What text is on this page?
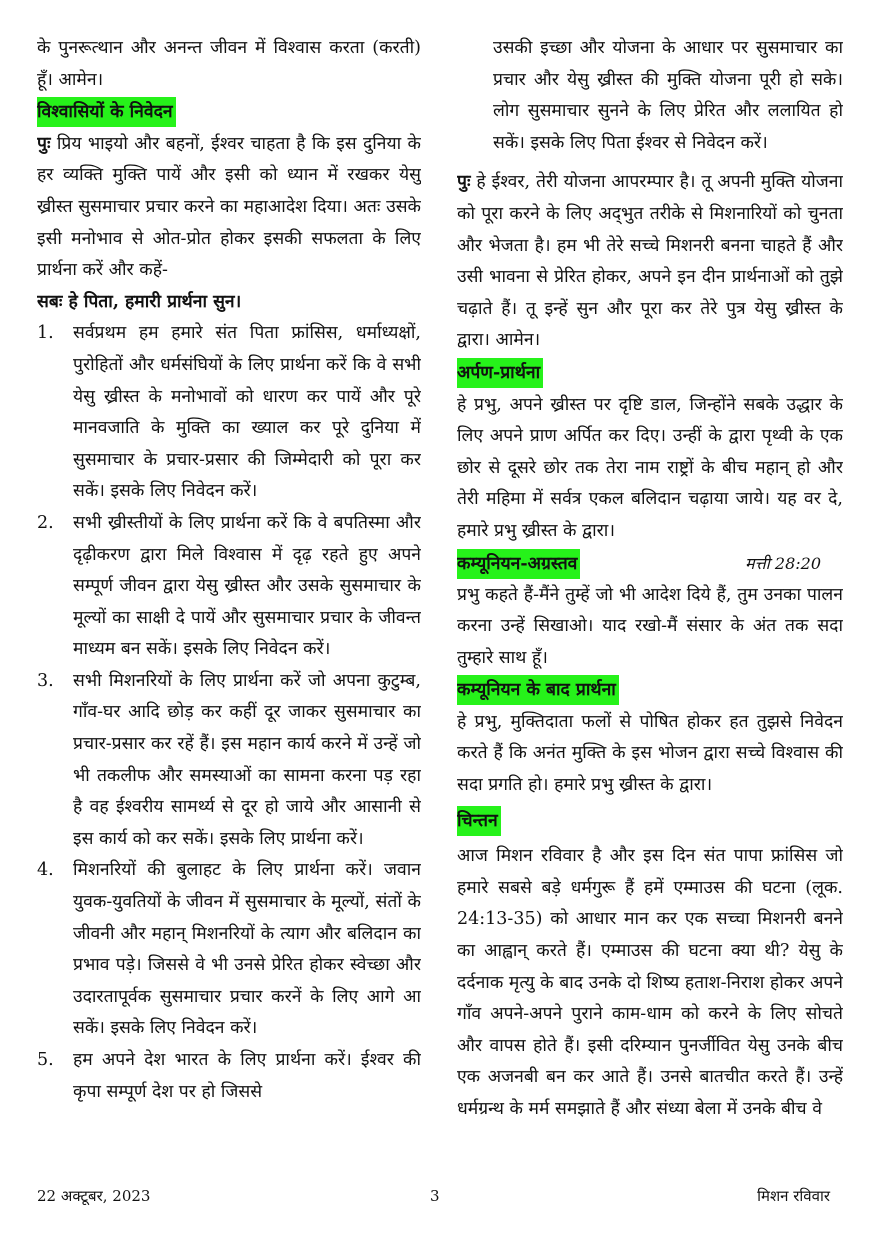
के पुनरूत्थान और अनन्त जीवन में विश्वास करता (करती) हूँ। आमेन।

विश्वासियों के निवेदन

पुः प्रिय भाइयो और बहनों, ईश्वर चाहता है कि इस दुनिया के हर व्यक्ति मुक्ति पायें और इसी को ध्यान में रखकर येसु ख्रीस्त सुसमाचार प्रचार करने का महाआदेश दिया। अतः उसके इसी मनोभाव से ओत-प्रोत होकर इसकी सफलता के लिए प्रार्थना करें और कहें-

सबः हे पिता, हमारी प्रार्थना सुन।

1. सर्वप्रथम हम हमारे संत पिता फ्रांसिस, धर्माध्यक्षों, पुरोहितों और धर्मसंघियों के लिए प्रार्थना करें कि वे सभी येसु ख्रीस्त के मनोभावों को धारण कर पायें और पूरे मानवजाति के मुक्ति का ख्याल कर पूरे दुनिया में सुसमाचार के प्रचार-प्रसार की जिम्मेदारी को पूरा कर सकें। इसके लिए निवेदन करें।
2. सभी ख्रीस्तीयों के लिए प्रार्थना करें कि वे बपतिस्मा और दृढ़ीकरण द्वारा मिले विश्वास में दृढ़ रहते हुए अपने सम्पूर्ण जीवन द्वारा येसु ख्रीस्त और उसके सुसमाचार के मूल्यों का साक्षी दे पायें और सुसमाचार प्रचार के जीवन्त माध्यम बन सकें। इसके लिए निवेदन करें।
3. सभी मिशनरियों के लिए प्रार्थना करें जो अपना कुटुम्ब, गाँव-घर आदि छोड़ कर कहीं दूर जाकर सुसमाचार का प्रचार-प्रसार कर रहें हैं। इस महान कार्य करने में उन्हें जो भी तकलीफ और समस्याओं का सामना करना पड़ रहा है वह ईश्वरीय सामर्थ्य से दूर हो जाये और आसानी से इस कार्य को कर सकें। इसके लिए प्रार्थना करें।
4. मिशनरियों की बुलाहट के लिए प्रार्थना करें। जवान युवक-युवतियों के जीवन में सुसमाचार के मूल्यों, संतों के जीवनी और महान् मिशनरियों के त्याग और बलिदान का प्रभाव पड़े। जिससे वे भी उनसे प्रेरित होकर स्वेच्छा और उदारतापूर्वक सुसमाचार प्रचार करनें के लिए आगे आ सकें। इसके लिए निवेदन करें।
5. हम अपने देश भारत के लिए प्रार्थना करें। ईश्वर की कृपा सम्पूर्ण देश पर हो जिससे

उसकी इच्छा और योजना के आधार पर सुसमाचार का प्रचार और येसु ख्रीस्त की मुक्ति योजना पूरी हो सके। लोग सुसमाचार सुनने के लिए प्रेरित और ललायित हो सकें। इसके लिए पिता ईश्वर से निवेदन करें।

पुः हे ईश्वर, तेरी योजना आपरम्पार है। तू अपनी मुक्ति योजना को पूरा करने के लिए अद्‌भुत तरीके से मिशनारियों को चुनता और भेजता है। हम भी तेरे सच्चे मिशनरी बनना चाहते हैं और उसी भावना से प्रेरित होकर, अपने इन दीन प्रार्थनाओं को तुझे चढ़ाते हैं। तू इन्हें सुन और पूरा कर तेरे पुत्र येसु ख्रीस्त के द्वारा। आमेन।

अर्पण-प्रार्थना

हे प्रभु, अपने ख्रीस्त पर दृष्टि डाल, जिन्होंने सबके उद्धार के लिए अपने प्राण अर्पित कर दिए। उन्हीं के द्वारा पृथ्वी के एक छोर से दूसरे छोर तक तेरा नाम राष्ट्रों के बीच महान् हो और तेरी महिमा में सर्वत्र एकल बलिदान चढ़ाया जाये। यह वर दे, हमारे प्रभु ख्रीस्त के द्वारा।

कम्यूनियन-अग्रस्तव	मत्ती 28:20

प्रभु कहते हैं-मैंने तुम्हें जो भी आदेश दिये हैं, तुम उनका पालन करना उन्हें सिखाओ। याद रखो-मैं संसार के अंत तक सदा तुम्हारे साथ हूँ।

कम्यूनियन के बाद प्रार्थना

हे प्रभु, मुक्तिदाता फलों से पोषित होकर हत तुझसे निवेदन करते हैं कि अनंत मुक्ति के इस भोजन द्वारा सच्चे विश्वास की सदा प्रगति हो। हमारे प्रभु ख्रीस्त के द्वारा।

चिन्तन

आज मिशन रविवार है और इस दिन संत पापा फ्रांसिस जो हमारे सबसे बड़े धर्मगुरू हैं हमें एम्माउस की घटना (लूक. 24:13-35) को आधार मान कर एक सच्चा मिशनरी बनने का आह्वान् करते हैं। एम्माउस की घटना क्या थी? येसु के दर्दनाक मृत्यु के बाद उनके दो शिष्य हताश-निराश होकर अपने गाँव अपने-अपने पुराने काम-धाम को करने के लिए सोचते और वापस होते हैं। इसी दरिम्यान पुनर्जीवित येसु उनके बीच एक अजनबी बन कर आते हैं। उनसे बातचीत करते हैं। उन्हें धर्मग्रन्थ के मर्म समझाते हैं और संध्या बेला में उनके बीच वे

22 अक्टूबर, 2023	3	मिशन रविवार
